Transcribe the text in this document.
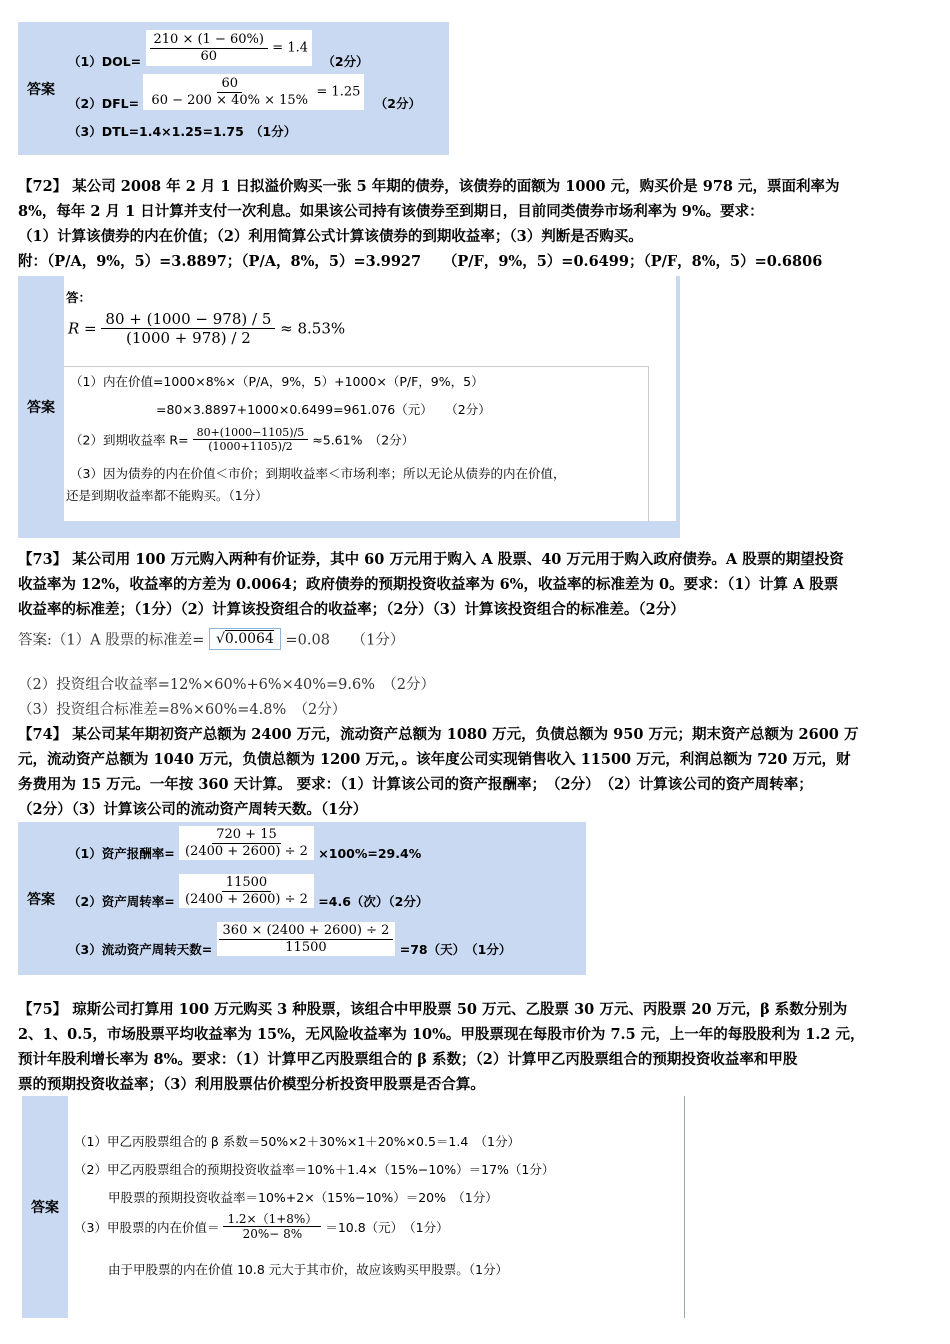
答案
$(1)DOL= \frac{210 \times (1 - 60\%)}{60} = 1.4$ （2分）
$(2)DFL= \frac{60}{60 - 200 \times 40\% \times 15\%} = 1.25$ （2分）
（3）DTL=1.4×1.25=1.75　（1分）
【72】 某公司 2008 年 2 月 1 日拟溢价购买一张 5 年期的债券，该债券的面额为 1000 元，购买价是 978 元，票面利率为
8%，每年 2 月 1 日计算并支付一次利息。如果该公司持有该债券至到期日，目前同类债券市场利率为 9%。要求：
（1）计算该债券的内在价值；（2）利用简算公式计算该债券的到期收益率；（3）判断是否购买。
附：（P/A，9%，5）=3.8897；（P/A，8%，5）=3.9927　　（P/F，9%，5）=0.6499；（P/F，8%，5）=0.6806
答案
答：
$R = \frac{80 + (1000 - 978) / 5}{(1000 + 978) / 2} \approx 8.53\%$
（1）内在价值=1000×8%×（P/A，9%，5）+1000×（P/F，9%，5）
=80×3.8897+1000×0.6499=961.076（元）　　（2分）
（2）到期收益率 $R= \frac{80+(1000-1105)/5}{(1000+1105)/2} \approx 5.61\%$　（2分）
（3）因为债券的内在价值＜市价；到期收益率＜市场利率；所以无论从债券的内在价值，
还是到期收益率都不能购买。（1分）
【73】 某公司用 100 万元购入两种有价证券，其中 60 万元用于购入 A 股票、40 万元用于购入政府债券。A 股票的期望投资
收益率为 12%，收益率的方差为 0.0064；政府债券的预期投资收益率为 6%，收益率的标准差为 0。要求：（1）计算 A 股票
收益率的标准差；（1分）（2）计算该投资组合的收益率；（2分）（3）计算该投资组合的标准差。（2分）
答案:（1）A 股票的标准差= √0.0064 =0.08　　（1分）
（2）投资组合收益率=12%×60%+6%×40%=9.6%　（2分）
（3）投资组合标准差=8%×60%=4.8%　（2分）
【74】 某公司某年期初资产总额为 2400 万元，流动资产总额为 1080 万元，负债总额为 950 万元；期末资产总额为 2600 万
元，流动资产总额为 1040 万元，负债总额为 1200 万元，。该年度公司实现销售收入 11500 万元，利润总额为 720 万元，财
务费用为 15 万元。一年按 360 天计算。 要求：（1）计算该公司的资产报酬率；　（2分）　（2）计算该公司的资产周转率；
（2分）（3）计算该公司的流动资产周转天数。（1分）
答案
（1）资产报酬率= $\frac{720 + 15}{(2400 + 2600) \div 2} \times 100\%=29.4\%$
（2）资产周转率= $\frac{11500}{(2400 + 2600) \div 2} =4.6$（次）（2分）
（3）流动资产周转天数= $\frac{360 \times (2400 + 2600) \div 2}{11500} =78$（天）　（1分）
【75】 琼斯公司打算用 100 万元购买 3 种股票，该组合中甲股票 50 万元、乙股票 30 万元、丙股票 20 万元，β 系数分别为
2、1、0.5，市场股票平均收益率为 15%，无风险收益率为 10%。甲股票现在每股市价为 7.5 元，上一年的每股股利为 1.2 元，
预计年股利增长率为 8%。要求：（1）计算甲乙丙股票组合的 β 系数；（2）计算甲乙丙股票组合的预期投资收益率和甲股
票的预期投资收益率；（3）利用股票估价模型分析投资甲股票是否合算。
答案
（1）甲乙丙股票组合的 β 系数＝50%×2＋30%×1＋20%×0.5＝1.4　（1分）
（2）甲乙丙股票组合的预期投资收益率＝10%＋1.4×（15%−10%）＝17%（1分）
甲股票的预期投资收益率＝10%+2×（15%−10%）＝20%　（1分）
（3）甲股票的内在价值＝ $\frac{1.2\times(1+8\%)}{20\%- 8\%} =10.8$（元）　（1分）
由于甲股票的内在价值 10.8 元大于其市价，故应该购买甲股票。（1分）
